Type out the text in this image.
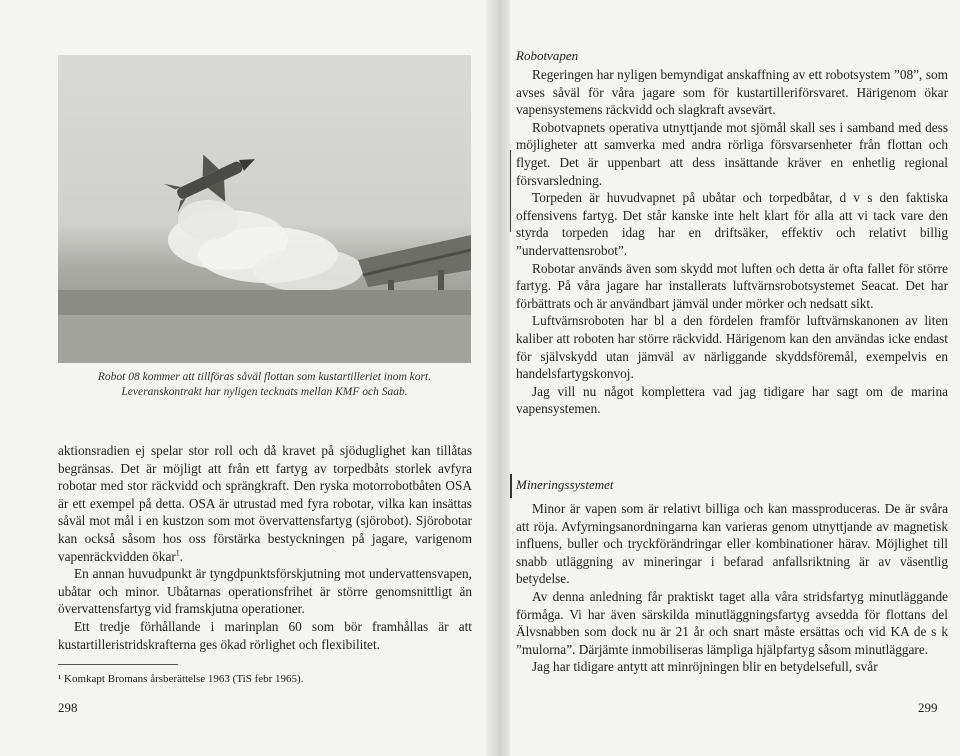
Robot 08 kommer att tillföras såväl flottan som kustartilleriet inom kort.
Leveranskontrakt har nyligen tecknats mellan KMF och Saab.

aktionsradien ej spelar stor roll och då kravet på sjöduglighet kan tillåtas begränsas. Det är möjligt att från ett fartyg av torpedbåts storlek avfyra robotar med stor räckvidd och sprängkraft. Den ryska motorrobotbåten OSA är ett exempel på detta. OSA är utrustad med fyra robotar, vilka kan insättas såväl mot mål i en kustzon som mot övervattensfartyg (sjörobot). Sjörobotar kan också såsom hos oss förstärka bestyckningen på jagare, varigenom vapenräckvidden ökar$^1$.

En annan huvudpunkt är tyngdpunktsförskjutning mot undervattensvapen, ubåtar och minor. Ubåtarnas operationsfrihet är större genomsnittligt än övervattensfartyg vid framskjutna operationer.

Ett tredje förhållande i marinplan 60 som bör framhållas är att kustartilleristridskrafterna ges ökad rörlighet och flexibilitet.

¹ Komkapt Bromans årsberättelse 1963 (TiS febr 1965).
298
Robotvapen

Regeringen har nyligen bemyndigat anskaffning av ett robotsystem ”08”, som avses såväl för våra jagare som för kustartilleriförsvaret. Härigenom ökar vapensystemens räckvidd och slagkraft avsevärt.

Robotvapnets operativa utnyttjande mot sjömål skall ses i samband med dess möjligheter att samverka med andra rörliga försvarsenheter från flottan och flyget. Det är uppenbart att dess insättande kräver en enhetlig regional försvarsledning.

Torpeden är huvudvapnet på ubåtar och torpedbåtar, d v s den faktiska offensivens fartyg. Det står kanske inte helt klart för alla att vi tack vare den styrda torpeden idag har en driftsäker, effektiv och relativt billig ”undervattensrobot”.

Robotar används även som skydd mot luften och detta är ofta fallet för större fartyg. På våra jagare har installerats luftvärnsrobotsystemet Seacat. Det har förbättrats och är användbart jämväl under mörker och nedsatt sikt.

Luftvärnsroboten har bl a den fördelen framför luftvärnskanonen av liten kaliber att roboten har större räckvidd. Härigenom kan den användas icke endast för självskydd utan jämväl av närliggande skyddsföremål, exempelvis en handelsfartygskonvoj.

Jag vill nu något komplettera vad jag tidigare har sagt om de marina vapensystemen.

Mineringssystemet

Minor är vapen som är relativt billiga och kan massproduceras. De är svåra att röja. Avfyrningsanordningarna kan varieras genom utnyttjande av magnetisk influens, buller och tryckförändringar eller kombinationer härav. Möjlighet till snabb utläggning av mineringar i befarad anfallsriktning är av väsentlig betydelse.

Av denna anledning får praktiskt taget alla våra stridsfartyg minutläggande förmåga. Vi har även särskilda minutläggningsfartyg avsedda för flottans del Älvsnabben som dock nu är 21 år och snart måste ersättas och vid KA de s k ”mulorna”. Därjämte inmobiliseras lämpliga hjälpfartyg såsom minutläggare.

Jag har tidigare antytt att minröjningen blir en betydelsefull, svår

299
